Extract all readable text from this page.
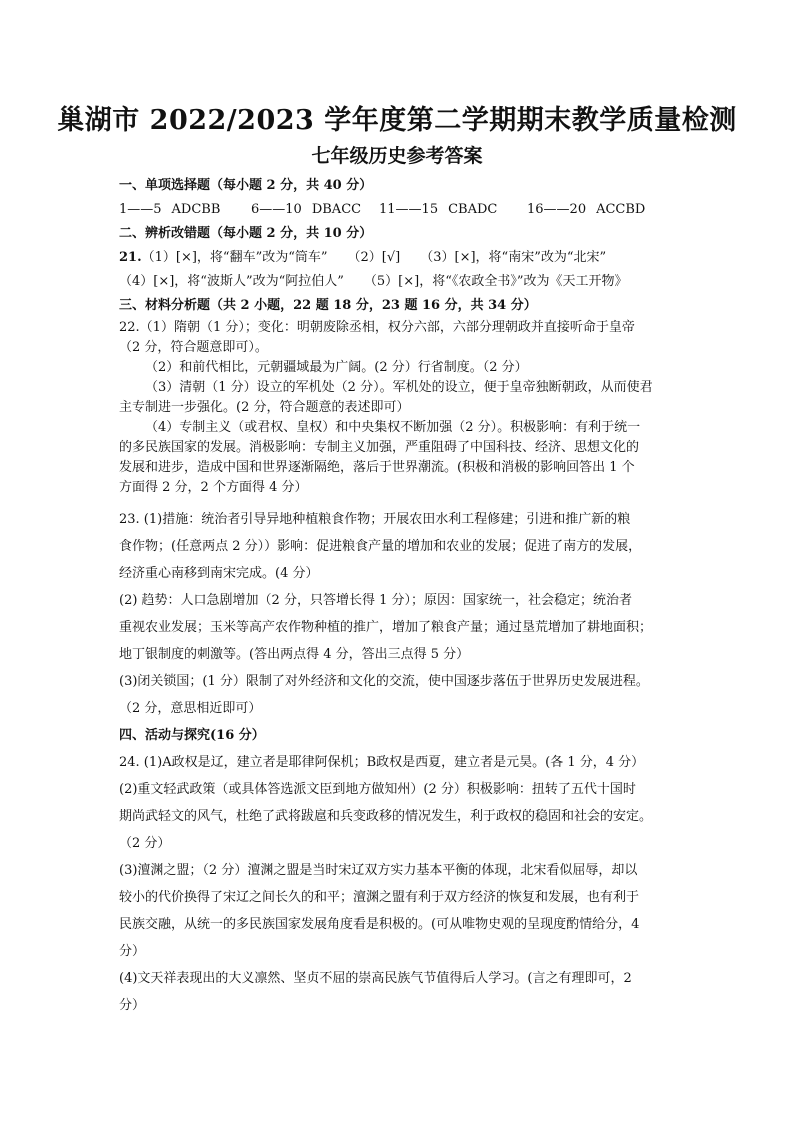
巢湖市 2022/2023 学年度第二学期期末教学质量检测
七年级历史参考答案
一、单项选择题（每小题 2 分，共 40 分）
1——5 ADCBB 6——10 DBACC 11——15 CBADC 16——20 ACCBD
二、辨析改错题（每小题 2 分，共 10 分）
21.（1）[×]，将“翻车”改为“筒车” （2）[√] （3）[×]，将“南宋”改为“北宋”
（4）[×]，将“波斯人”改为“阿拉伯人” （5）[×]，将“《农政全书》”改为《天工开物》
三、材料分析题（共 2 小题，22 题 18 分，23 题 16 分，共 34 分）
22.（1）隋朝（1 分）；变化：明朝废除丞相，权分六部，六部分理朝政并直接听命于皇帝
（2 分，符合题意即可）。
（2）和前代相比，元朝疆域最为广阔。(2 分）行省制度。（2 分）
（3）清朝（1 分）设立的军机处（2 分）。军机处的设立，便于皇帝独断朝政，从而使君
主专制进一步强化。(2 分，符合题意的表述即可）
（4）专制主义（或君权、皇权）和中央集权不断加强（2 分）。积极影响：有利于统一
的多民族国家的发展。消极影响：专制主义加强，严重阻碍了中国科技、经济、思想文化的
发展和进步，造成中国和世界逐渐隔绝，落后于世界潮流。(积极和消极的影响回答出 1 个
方面得 2 分，2 个方面得 4 分）
23. (1)措施：统治者引导异地种植粮食作物；开展农田水利工程修建；引进和推广新的粮
食作物；(任意两点 2 分））影响：促进粮食产量的增加和农业的发展；促进了南方的发展，
经济重心南移到南宋完成。(4 分）
(2) 趋势：人口急剧增加（2 分，只答增长得 1 分）；原因：国家统一，社会稳定；统治者
重视农业发展；玉米等高产农作物种植的推广，增加了粮食产量；通过垦荒增加了耕地面积；
地丁银制度的刺激等。(答出两点得 4 分，答出三点得 5 分）
(3)闭关锁国；(1 分）限制了对外经济和文化的交流，使中国逐步落伍于世界历史发展进程。
（2 分，意思相近即可）
四、活动与探究(16 分）
24. (1)A政权是辽，建立者是耶律阿保机；B政权是西夏，建立者是元昊。(各 1 分，4 分）
(2)重文轻武政策（或具体答选派文臣到地方做知州）(2 分）积极影响：扭转了五代十国时
期尚武轻文的风气，杜绝了武将跋扈和兵变政移的情况发生，利于政权的稳固和社会的安定。
（2 分）
(3)澶渊之盟；（2 分）澶渊之盟是当时宋辽双方实力基本平衡的体现，北宋看似屈辱，却以
较小的代价换得了宋辽之间长久的和平；澶渊之盟有利于双方经济的恢复和发展，也有利于
民族交融，从统一的多民族国家发展角度看是积极的。(可从唯物史观的呈现度酌情给分，4
分）
(4)文天祥表现出的大义凛然、坚贞不屈的崇高民族气节值得后人学习。(言之有理即可，2
分）
